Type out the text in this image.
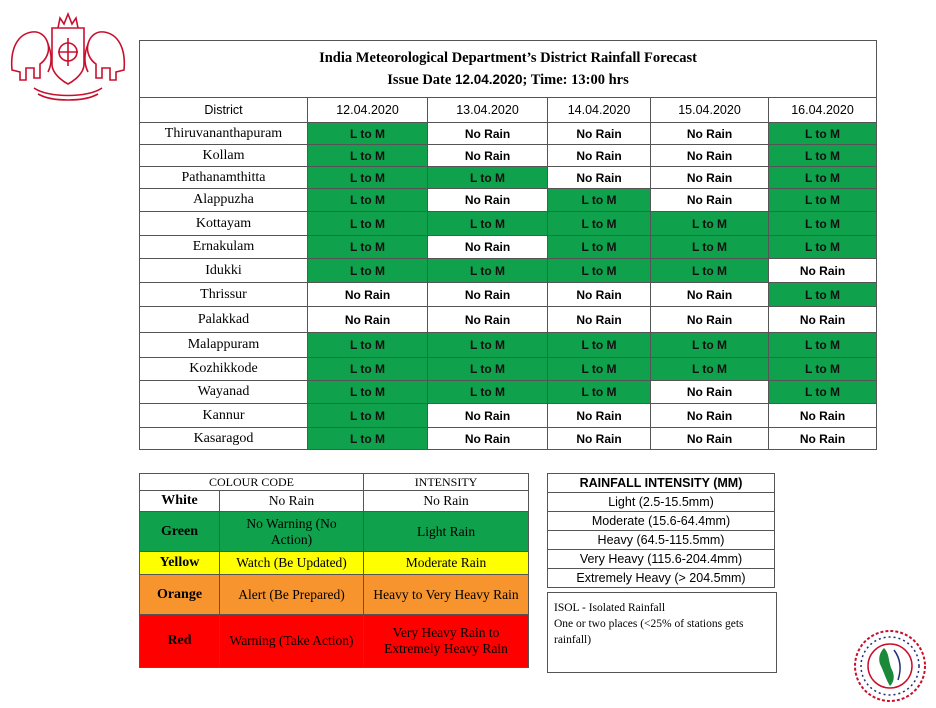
India Meteorological Department’s District Rainfall Forecast
Issue Date 12.04.2020; Time: 13:00 hrs					

District	12.04.2020	13.04.2020	14.04.2020	15.04.2020	16.04.2020
Thiruvananthapuram	L to M	No Rain	No Rain	No Rain	L to M
Kollam	L to M	No Rain	No Rain	No Rain	L to M
Pathanamthitta	L to M	L to M	No Rain	No Rain	L to M
Alappuzha	L to M	No Rain	L to M	No Rain	L to M
Kottayam	L to M	L to M	L to M	L to M	L to M
Ernakulam	L to M	No Rain	L to M	L to M	L to M
Idukki	L to M	L to M	L to M	L to M	No Rain
Thrissur	No Rain	No Rain	No Rain	No Rain	L to M
Palakkad	No Rain	No Rain	No Rain	No Rain	No Rain
Malappuram	L to M	L to M	L to M	L to M	L to M
Kozhikkode	L to M	L to M	L to M	L to M	L to M
Wayanad	L to M	L to M	L to M	No Rain	L to M
Kannur	L to M	No Rain	No Rain	No Rain	No Rain
Kasaragod	L to M	No Rain	No Rain	No Rain	No Rain
COLOUR CODE		INTENSITY
White	No Rain	No Rain
Green	No Warning (No Action)	Light Rain
Yellow	Watch (Be Updated)	Moderate Rain
Orange	Alert (Be Prepared)	Heavy to Very Heavy Rain
Red	Warning (Take Action)	Very Heavy Rain to Extremely Heavy Rain
RAINFALL INTENSITY (MM)
Light (2.5-15.5mm)
Moderate (15.6-64.4mm)
Heavy (64.5-115.5mm)
Very Heavy (115.6-204.4mm)
Extremely Heavy (> 204.5mm)
ISOL - Isolated Rainfall
One or two places (<25% of stations gets rainfall)
